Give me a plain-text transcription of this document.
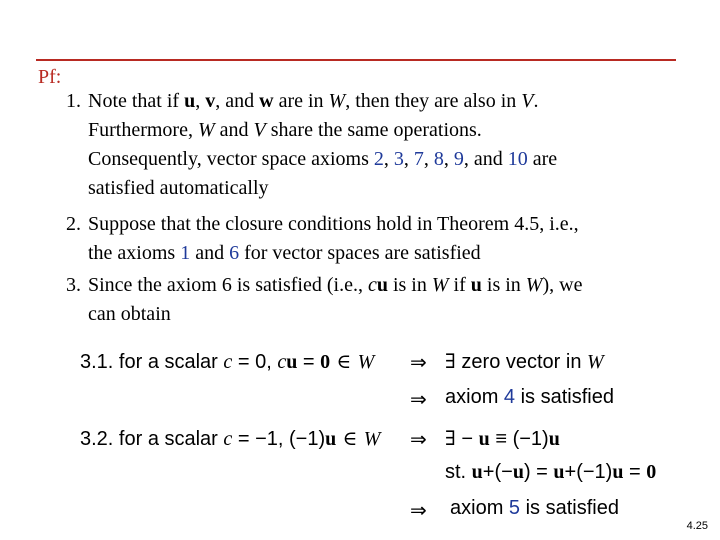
Pf:
1. Note that if u, v, and w are in W, then they are also in V.
Furthermore, W and V share the same operations.
Consequently, vector space axioms 2, 3, 7, 8, 9, and 10 are
satisfied automatically
2. Suppose that the closure conditions hold in Theorem 4.5, i.e.,
the axioms 1 and 6 for vector spaces are satisfied
3. Since the axiom 6 is satisfied (i.e., cu is in W if u is in W), we
can obtain
3.1. for a scalar c = 0, cu = 0 ∈ W ⇒ ∃ zero vector in W
⇒ axiom 4 is satisfied
3.2. for a scalar c = −1, (−1)u ∈ W ⇒ ∃ − u ≡ (−1)u
st. u+(−u) = u+(−1)u = 0
⇒ axiom 5 is satisfied
4.25
